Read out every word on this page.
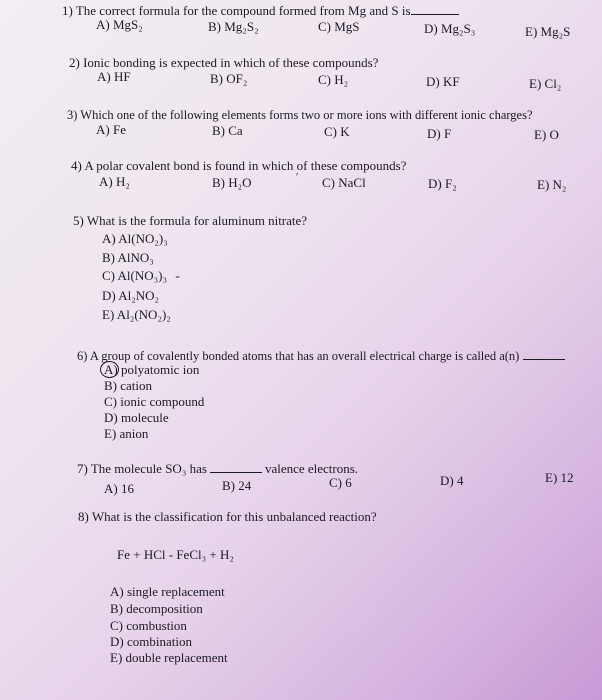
1) The correct formula for the compound formed from Mg and S is
A) MgS₂	B) Mg₂S₂	C) MgS	D) Mg₂S₃	E) Mg₂S
2) Ionic bonding is expected in which of these compounds?
A) HF	B) OF₂	C) H₂	D) KF	E) Cl₂
3) Which one of the following elements forms two or more ions with different ionic charges?
A) Fe	B) Ca	C) K	D) F	E) O
4) A polar covalent bond is found in which of these compounds?
A) H₂	B) H₂O	C) NaCl	D) F₂	E) N₂
′
5) What is the formula for aluminum nitrate?
A) Al(NO₂)₃
B) AlNO₃
C) Al(NO₃)₃ -
D) Al₂NO₂
E) Al₂(NO₂)₂
6) A group of covalently bonded atoms that has an overall electrical charge is called a(n)
A) polyatomic ion
B) cation
C) ionic compound
D) molecule
E) anion
7) The molecule SO₃ has	valence electrons.
A) 16	B) 24	C) 6	D) 4	E) 12
8) What is the classification for this unbalanced reaction?
Fe + HCl - FeCl₃ + H₂
A) single replacement
B) decomposition
C) combustion
D) combination
E) double replacement
